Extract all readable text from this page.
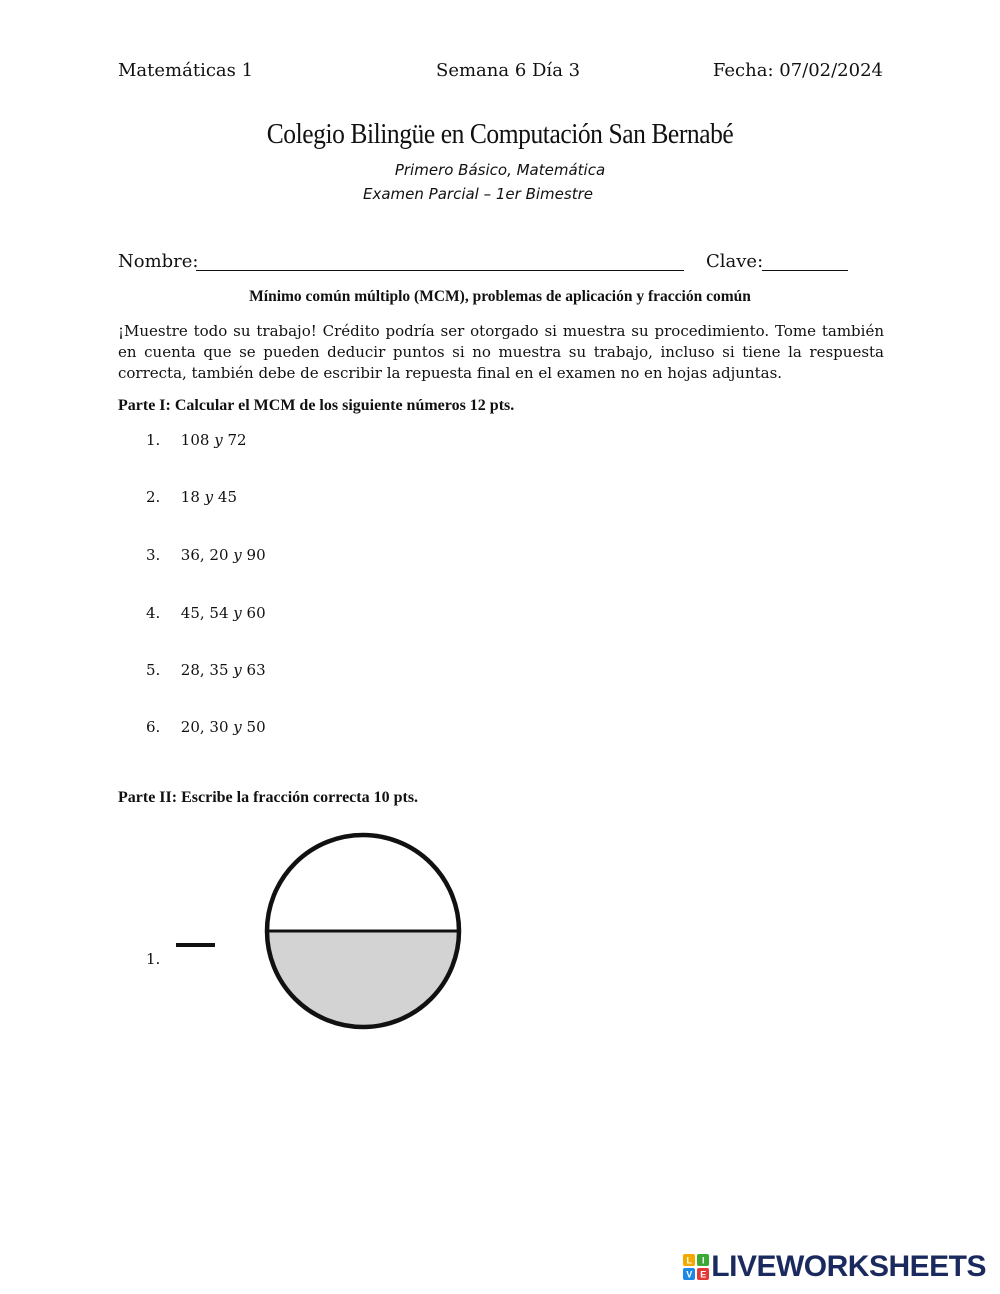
Matemáticas 1	Semana 6 Día 3	Fecha: 07/02/2024
Colegio Bilingüe en Computación San Bernabé
Primero Básico, Matemática
Examen Parcial – 1er Bimestre
Nombre:	Clave:
Mínimo común múltiplo (MCM), problemas de aplicación y fracción común
¡Muestre todo su trabajo! Crédito podría ser otorgado si muestra su procedimiento. Tome también en cuenta que se pueden deducir puntos si no muestra su trabajo, incluso si tiene la respuesta correcta, también debe de escribir la repuesta final en el examen no en hojas adjuntas.
Parte I: Calcular el MCM de los siguiente números 12 pts.
1. 108 y 72
2. 18 y 45
3. 36, 20 y 90
4. 45, 54 y 60
5. 28, 35 y 63
6. 20, 30 y 50
Parte II: Escribe la fracción correcta 10 pts.
1.
L I
V E LIVEWORKSHEETS
